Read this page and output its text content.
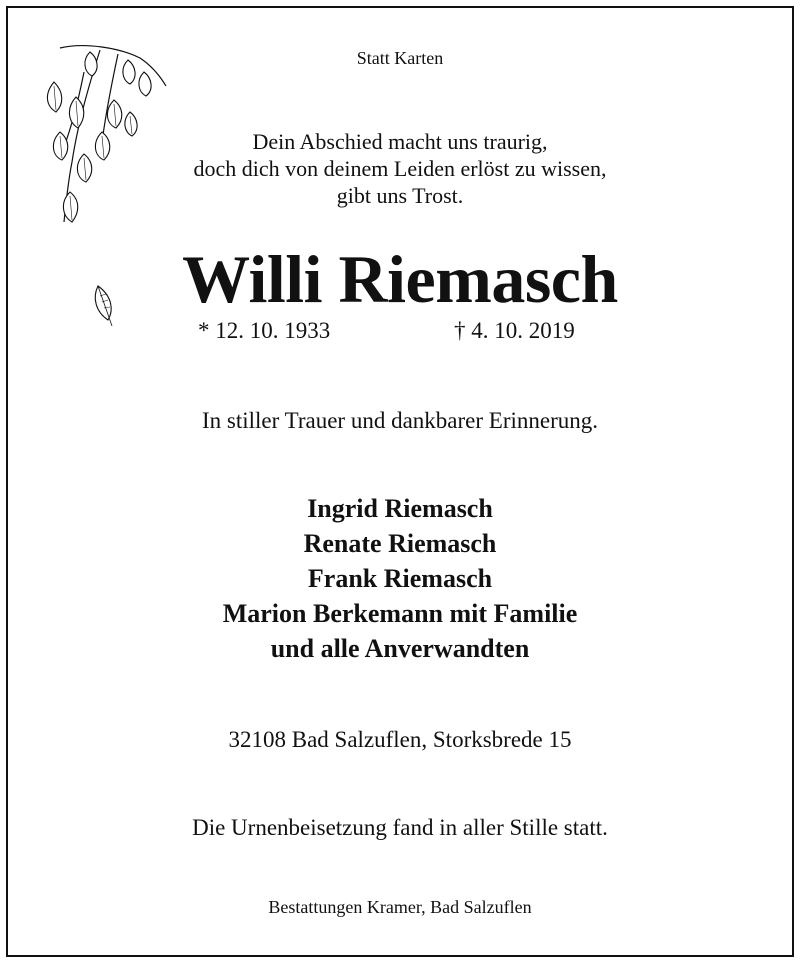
Statt Karten
Dein Abschied macht uns traurig,
doch dich von deinem Leiden erlöst zu wissen,
gibt uns Trost.
Willi Riemasch
* 12. 10. 1933	† 4. 10. 2019
In stiller Trauer und dankbarer Erinnerung.
Ingrid Riemasch
Renate Riemasch
Frank Riemasch
Marion Berkemann mit Familie
und alle Anverwandten
32108 Bad Salzuflen, Storksbrede 15
Die Urnenbeisetzung fand in aller Stille statt.
Bestattungen Kramer, Bad Salzuflen
